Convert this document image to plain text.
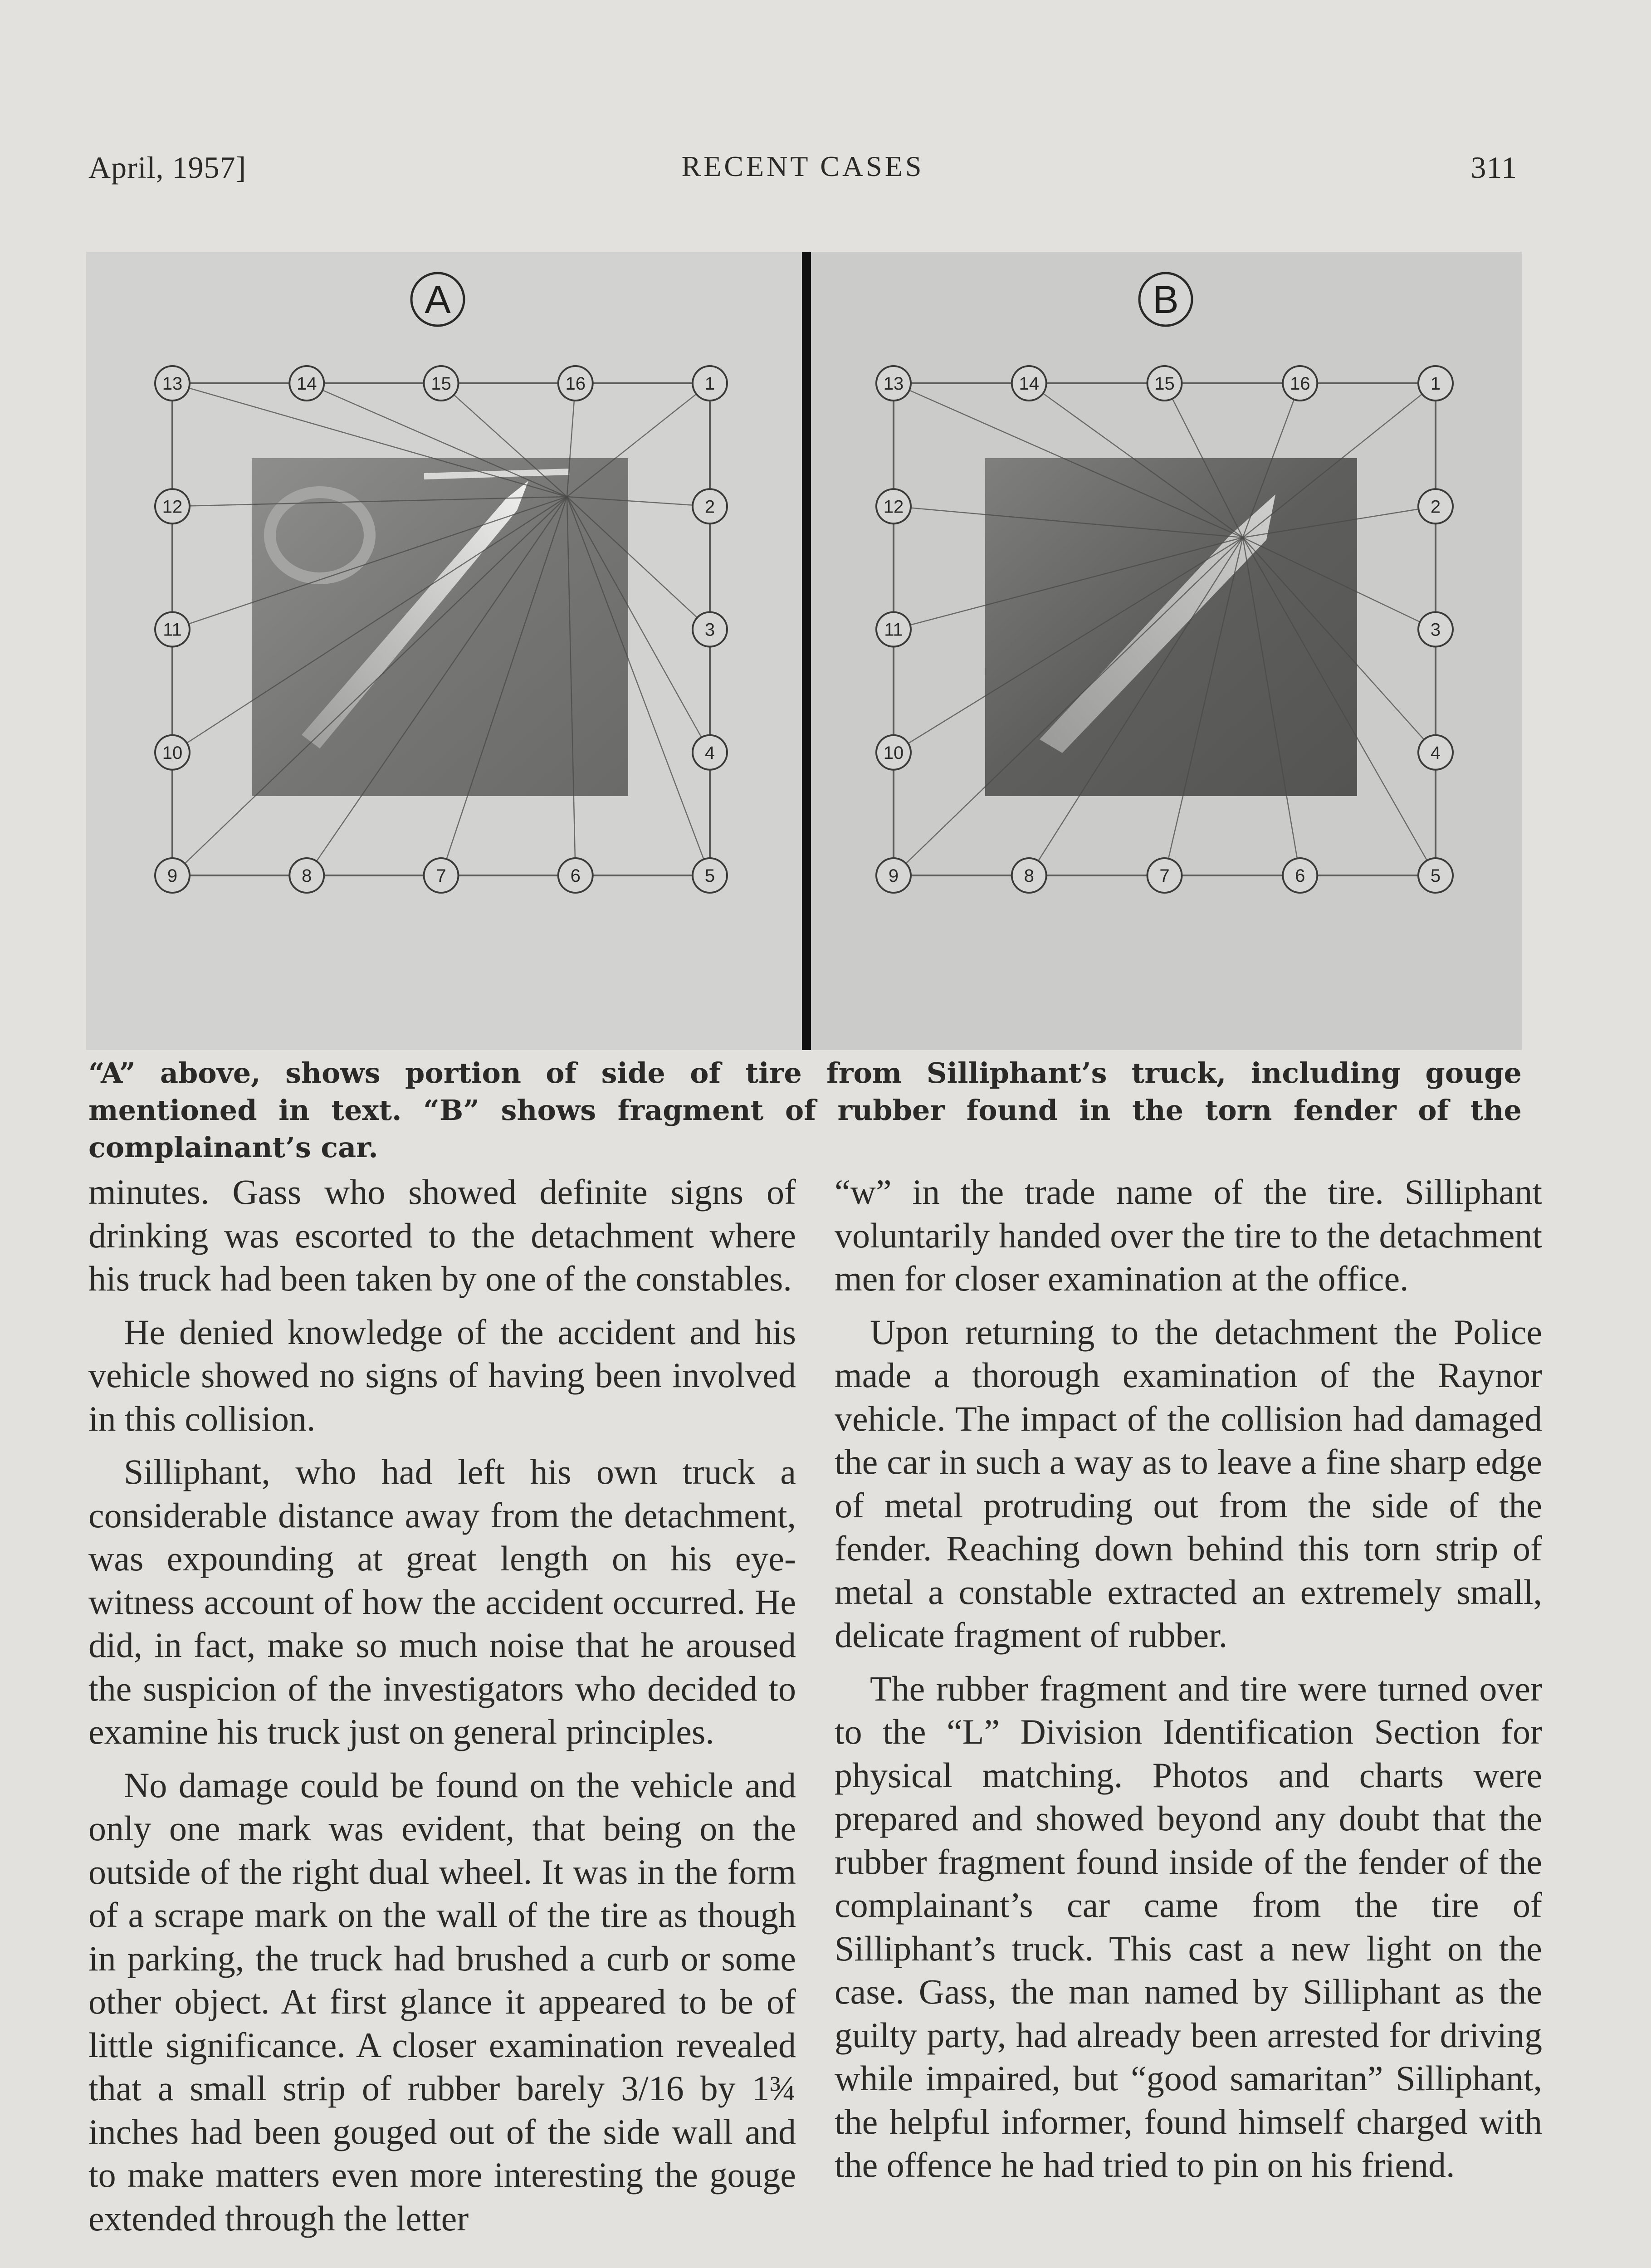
April, 1957]	RECENT CASES	311
13	14	15	16	1
12	2
11	3
10	4
9	8	7	6	5
A
13	14	15	16	1
12	2
11	3
10	4
9	8	7	6	5
B
“A” above, shows portion of side of tire from Silliphant’s truck, including gouge mentioned in text. “B” shows fragment of rubber found in the torn fender of the complainant’s car.

minutes. Gass who showed definite signs of drinking was escorted to the detachment where his truck had been taken by one of the constables.

He denied knowledge of the accident and his vehicle showed no signs of having been involved in this collision.

Silliphant, who had left his own truck a considerable distance away from the detachment, was expounding at great length on his eye-witness account of how the accident occurred. He did, in fact, make so much noise that he aroused the suspicion of the investigators who decided to examine his truck just on general principles.

No damage could be found on the vehicle and only one mark was evident, that being on the outside of the right dual wheel. It was in the form of a scrape mark on the wall of the tire as though in parking, the truck had brushed a curb or some other object. At first glance it appeared to be of little significance. A closer examination revealed that a small strip of rubber barely 3/16 by 1¾ inches had been gouged out of the side wall and to make matters even more interesting the gouge extended through the letter

“w” in the trade name of the tire. Silliphant voluntarily handed over the tire to the detachment men for closer examination at the office.

Upon returning to the detachment the Police made a thorough examination of the Raynor vehicle. The impact of the collision had damaged the car in such a way as to leave a fine sharp edge of metal protruding out from the side of the fender. Reaching down behind this torn strip of metal a constable extracted an extremely small, delicate fragment of rubber.

The rubber fragment and tire were turned over to the “L” Division Identification Section for physical matching. Photos and charts were prepared and showed beyond any doubt that the rubber fragment found inside of the fender of the complainant’s car came from the tire of Silliphant’s truck. This cast a new light on the case. Gass, the man named by Silliphant as the guilty party, had already been arrested for driving while impaired, but “good samaritan” Silliphant, the helpful informer, found himself charged with the offence he had tried to pin on his friend.
